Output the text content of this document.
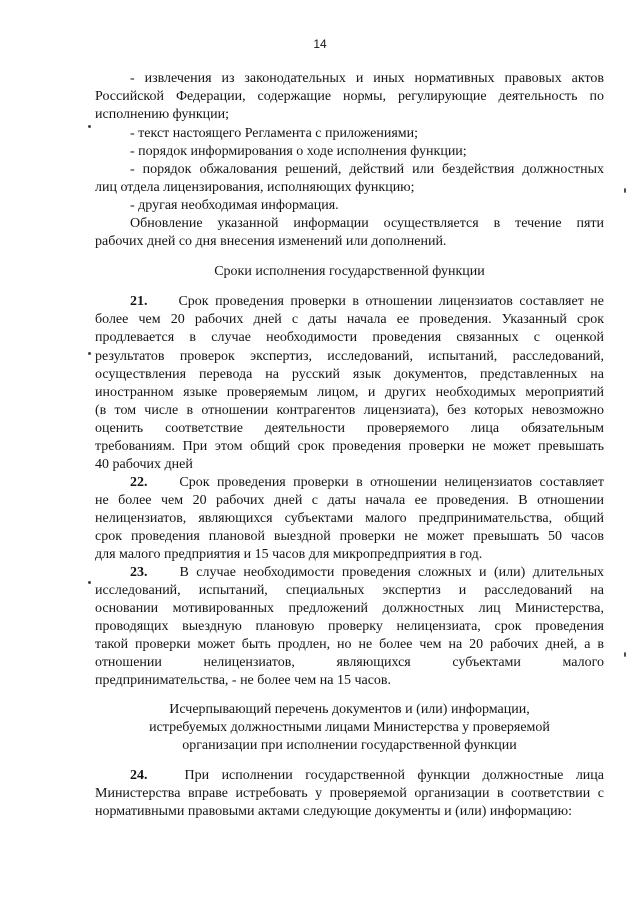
14
- извлечения из законодательных и иных нормативных правовых актов
Российской Федерации, содержащие нормы, регулирующие деятельность по
исполнению функции;
- текст настоящего Регламента с приложениями;
- порядок информирования о ходе исполнения функции;
- порядок обжалования решений, действий или бездействия должностных
лиц отдела лицензирования, исполняющих функцию;
- другая необходимая информация.
Обновление указанной информации осуществляется в течение пяти
рабочих дней со дня внесения изменений или дополнений.
Сроки исполнения государственной функции
21. Срок проведения проверки в отношении лицензиатов составляет не
более чем 20 рабочих дней с даты начала ее проведения. Указанный срок
продлевается в случае необходимости проведения связанных с оценкой
результатов проверок экспертиз, исследований, испытаний, расследований,
осуществления перевода на русский язык документов, представленных на
иностранном языке проверяемым лицом, и других необходимых мероприятий
(в том числе в отношении контрагентов лицензиата), без которых невозможно
оценить соответствие деятельности проверяемого лица обязательным
требованиям. При этом общий срок проведения проверки не может превышать
40 рабочих дней
22. Срок проведения проверки в отношении нелицензиатов составляет
не более чем 20 рабочих дней с даты начала ее проведения. В отношении
нелицензиатов, являющихся субъектами малого предпринимательства, общий
срок проведения плановой выездной проверки не может превышать 50 часов
для малого предприятия и 15 часов для микропредприятия в год.
23. В случае необходимости проведения сложных и (или) длительных
исследований, испытаний, специальных экспертиз и расследований на
основании мотивированных предложений должностных лиц Министерства,
проводящих выездную плановую проверку нелицензиата, срок проведения
такой проверки может быть продлен, но не более чем на 20 рабочих дней, а в
отношении нелицензиатов, являющихся субъектами малого
предпринимательства, - не более чем на 15 часов.
Исчерпывающий перечень документов и (или) информации,
истребуемых должностными лицами Министерства у проверяемой
организации при исполнении государственной функции
24.	При исполнении государственной функции должностные лица
Министерства вправе истребовать у проверяемой организации в соответствии с
нормативными правовыми актами следующие документы и (или) информацию:
